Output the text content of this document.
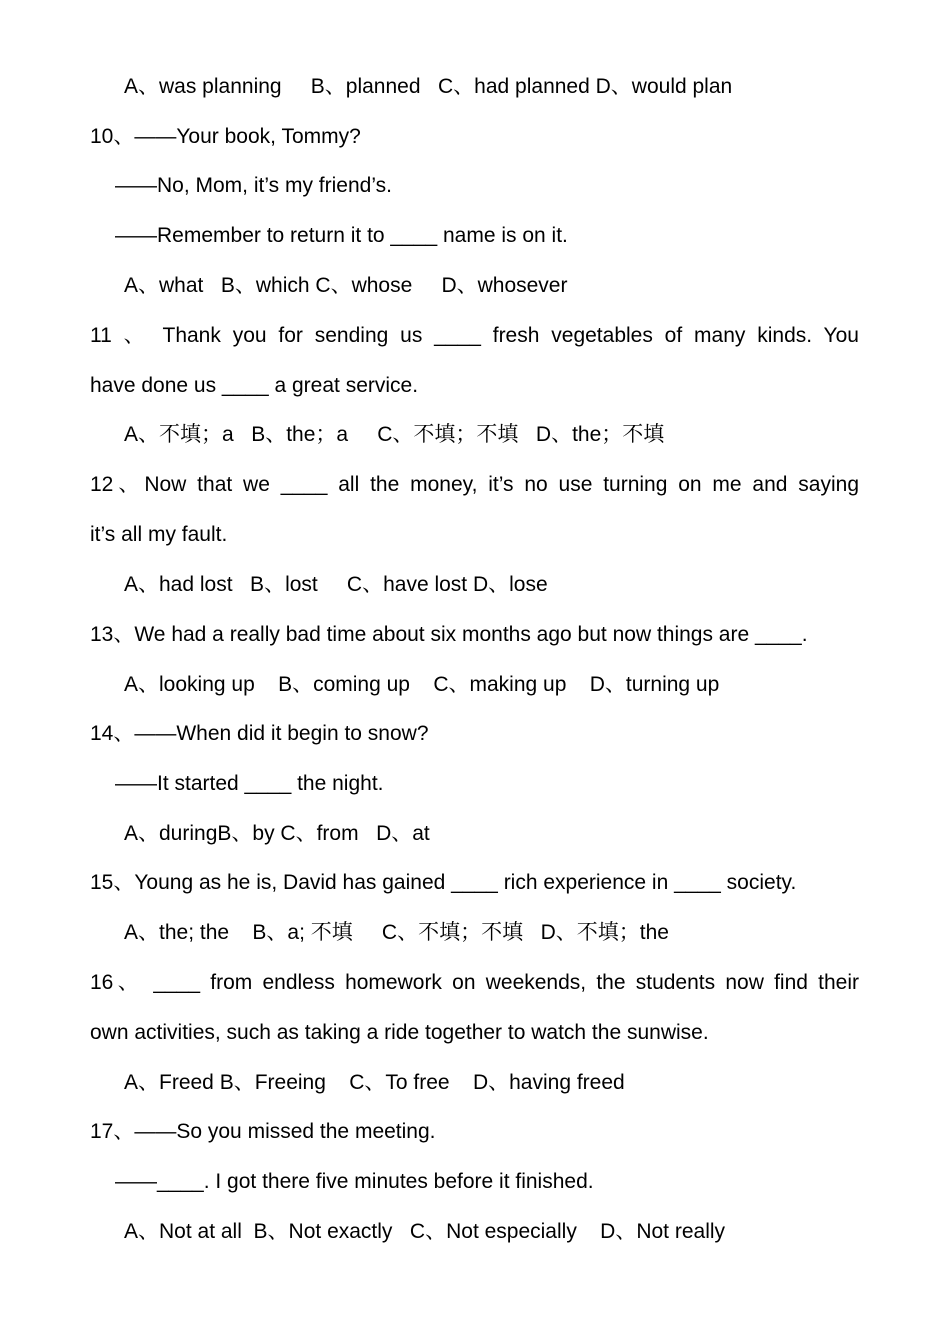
A、was planning     B、planned   C、had planned D、would plan
10、——Your book, Tommy?
——No, Mom, it’s my friend’s.
——Remember to return it to ____ name is on it.
A、what   B、which C、whose     D、whosever
11 、 Thank you for sending us ____ fresh vegetables of many kinds. You
have done us ____ a great service.
A、不填；a   B、the；a     C、不填；不填   D、the；不填
12、Now that we ____ all the money, it’s no use turning on me and saying
it’s all my fault.
A、had lost   B、lost     C、have lost D、lose
13、We had a really bad time about six months ago but now things are ____.
A、looking up    B、coming up    C、making up    D、turning up
14、——When did it begin to snow?
——It started ____ the night.
A、duringB、by C、from   D、at
15、Young as he is, David has gained ____ rich experience in ____ society.
A、the; the    B、a; 不填     C、不填；不填   D、不填；the
16、 ____ from endless homework on weekends, the students now find their
own activities, such as taking a ride together to watch the sunwise.
A、Freed B、Freeing    C、To free    D、having freed
17、——So you missed the meeting.
——____. I got there five minutes before it finished.
A、Not at all  B、Not exactly   C、Not especially    D、Not really
